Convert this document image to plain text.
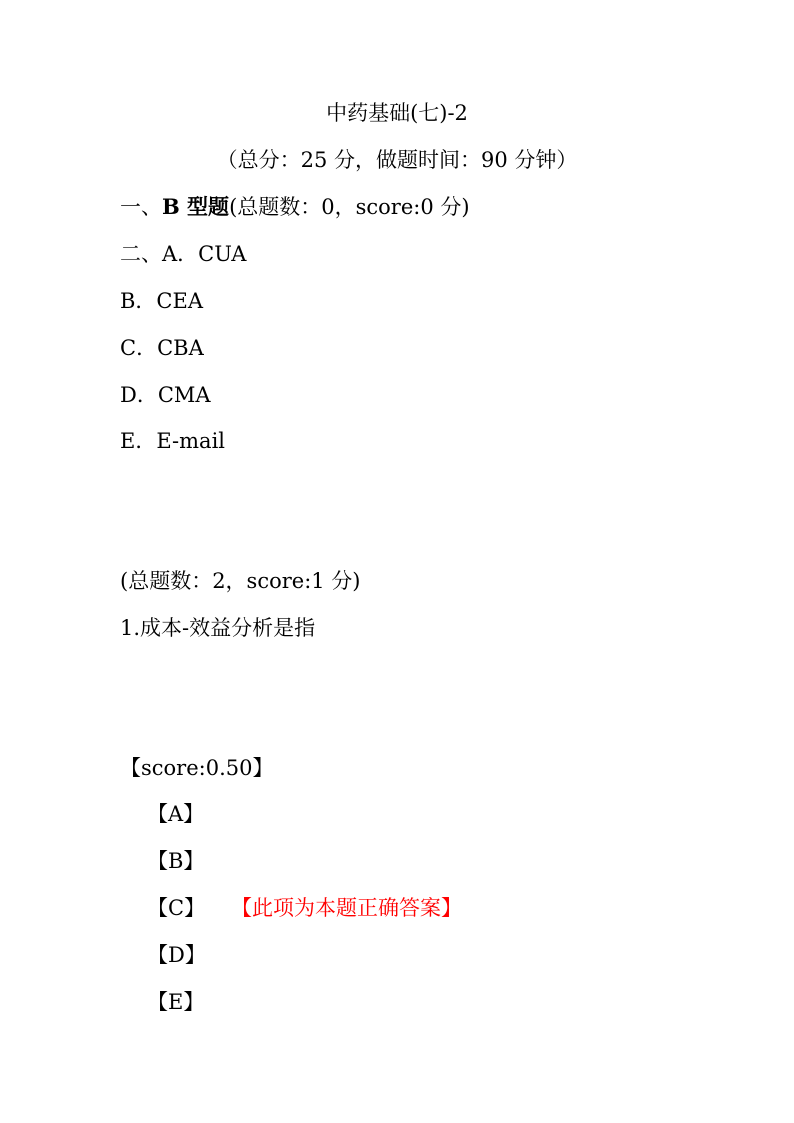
中药基础(七)-2
（总分：25 分，做题时间：90 分钟）
一、B 型题(总题数：0，score:0 分)
二、A．CUA
B．CEA
C．CBA
D．CMA
E．E-mail
(总题数：2，score:1 分)
1.成本-效益分析是指
【score:0.50】
【A】
【B】
【C】 【此项为本题正确答案】
【D】
【E】
